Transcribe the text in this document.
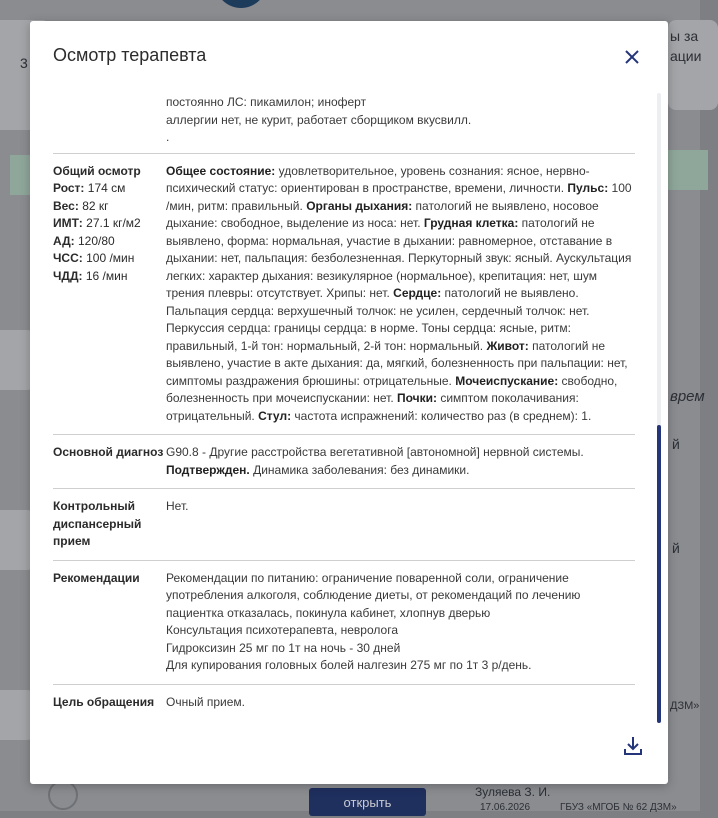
3
ы за
ации
врем
й
й
ДЗМ»
Зуляева З. И.
17.06.2026	ГБУЗ «МГОБ № 62 ДЗМ»
открыть
Осмотр терапевта
постоянно ЛС: пикамилон; иноферт
аллергии нет, не курит, работает сборщиком вкусвилл.
.
Общий осмотр
Рост: 174 см
Вес: 82 кг
ИМТ: 27.1 кг/м2
АД: 120/80
ЧСС: 100 /мин
ЧДД: 16 /мин
Общее состояние: удовлетворительное, уровень сознания: ясное, нервно-психический статус: ориентирован в пространстве, времени, личности. Пульс: 100 /мин, ритм: правильный. Органы дыхания: патологий не выявлено, носовое дыхание: свободное, выделение из носа: нет. Грудная клетка: патологий не выявлено, форма: нормальная, участие в дыхании: равномерное, отставание в дыхании: нет, пальпация: безболезненная. Перкуторный звук: ясный. Аускультация легких: характер дыхания: везикулярное (нормальное), крепитация: нет, шум трения плевры: отсутствует. Хрипы: нет. Сердце: патологий не выявлено. Пальпация сердца: верхушечный толчок: не усилен, сердечный толчок: нет. Перкуссия сердца: границы сердца: в норме. Тоны сердца: ясные, ритм: правильный, 1-й тон: нормальный, 2-й тон: нормальный. Живот: патологий не выявлено, участие в акте дыхания: да, мягкий, болезненность при пальпации: нет, симптомы раздражения брюшины: отрицательные. Мочеиспускание: свободно, болезненность при мочеиспускании: нет. Почки: симптом поколачивания: отрицательный. Стул: частота испражнений: количество раз (в среднем): 1.
Основной диагноз G90.8 - Другие расстройства вегетативной [автономной] нервной системы.
Подтвержден. Динамика заболевания: без динамики.
Контрольный диспансерный прием
Нет.
Рекомендации	Рекомендации по питанию: ограничение поваренной соли, ограничение употребления алкоголя, соблюдение диеты, от рекомендаций по лечению пациентка отказалась, покинула кабинет, хлопнув дверью
Консультация психотерапевта, невролога
Гидроксизин 25 мг по 1т на ночь - 30 дней
Для купирования головных болей налгезин 275 мг по 1т 3 р/день.
Цель обращения Очный прием.
